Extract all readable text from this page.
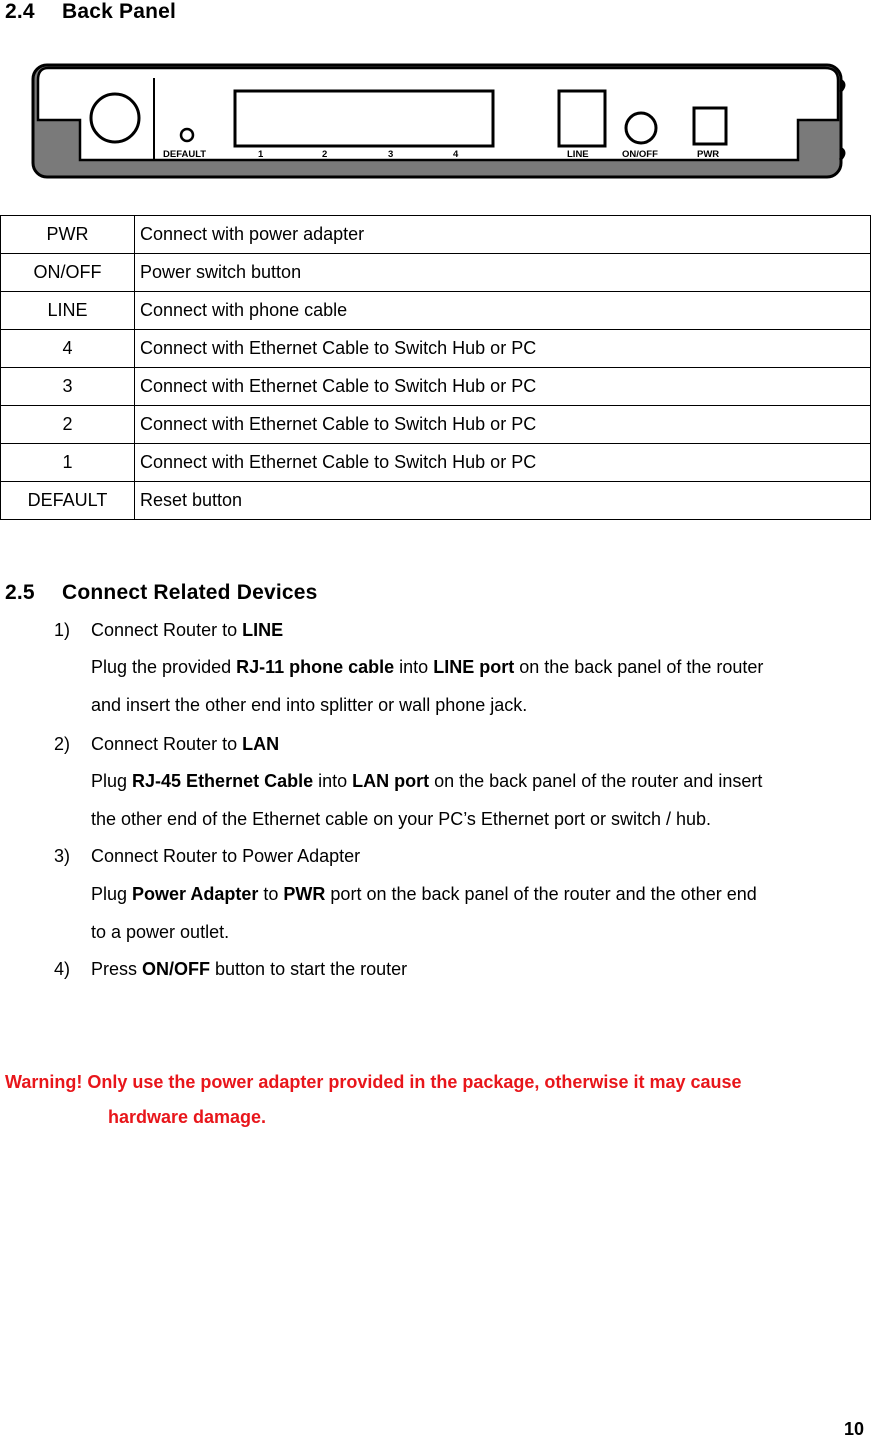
2.4 Back Panel
DEFAULT	1	2	3	4	LINE	ON/OFF	PWR
PWR	Connect with power adapter
ON/OFF	Power switch button
LINE	Connect with phone cable
4	Connect with Ethernet Cable to Switch Hub or PC
3	Connect with Ethernet Cable to Switch Hub or PC
2	Connect with Ethernet Cable to Switch Hub or PC
1	Connect with Ethernet Cable to Switch Hub or PC
DEFAULT	Reset button
2.5 Connect Related Devices
1) Connect Router to LINE
Plug the provided RJ-11 phone cable into LINE port on the back panel of the router
and insert the other end into splitter or wall phone jack.
2) Connect Router to LAN
Plug RJ-45 Ethernet Cable into LAN port on the back panel of the router and insert
the other end of the Ethernet cable on your PC’s Ethernet port or switch / hub.
3) Connect Router to Power Adapter
Plug Power Adapter to PWR port on the back panel of the router and the other end
to a power outlet.
4) Press ON/OFF button to start the router
Warning! Only use the power adapter provided in the package, otherwise it may cause
hardware damage.
10
